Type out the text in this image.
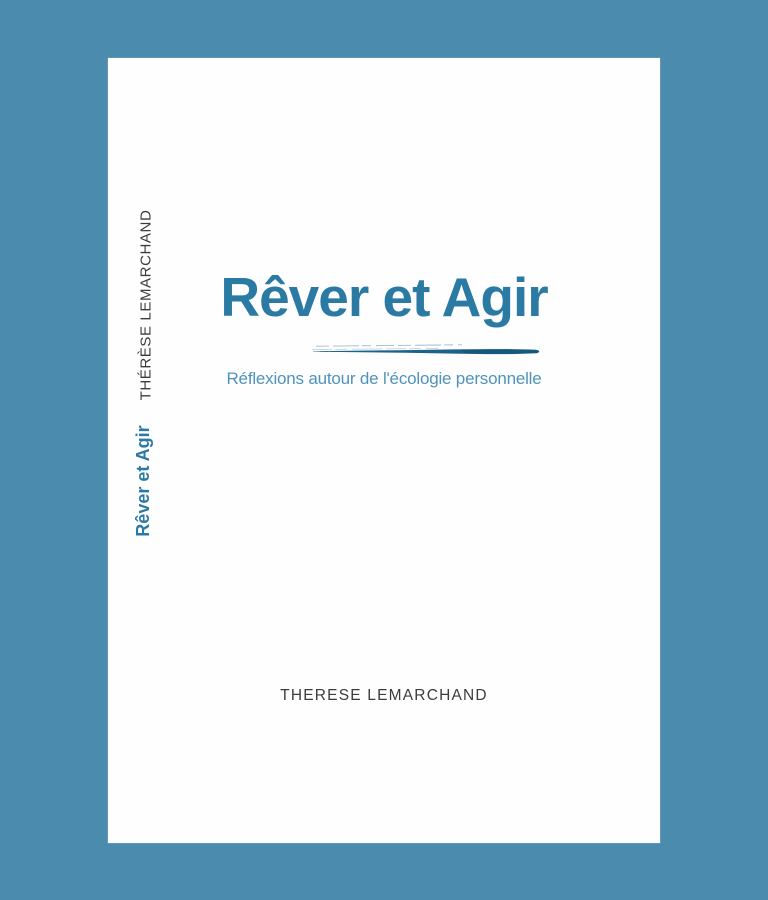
THÉRÈSE LEMARCHAND
Rêver et Agir
Rêver et Agir
Réflexions autour de l'écologie personnelle
THERESE LEMARCHAND
